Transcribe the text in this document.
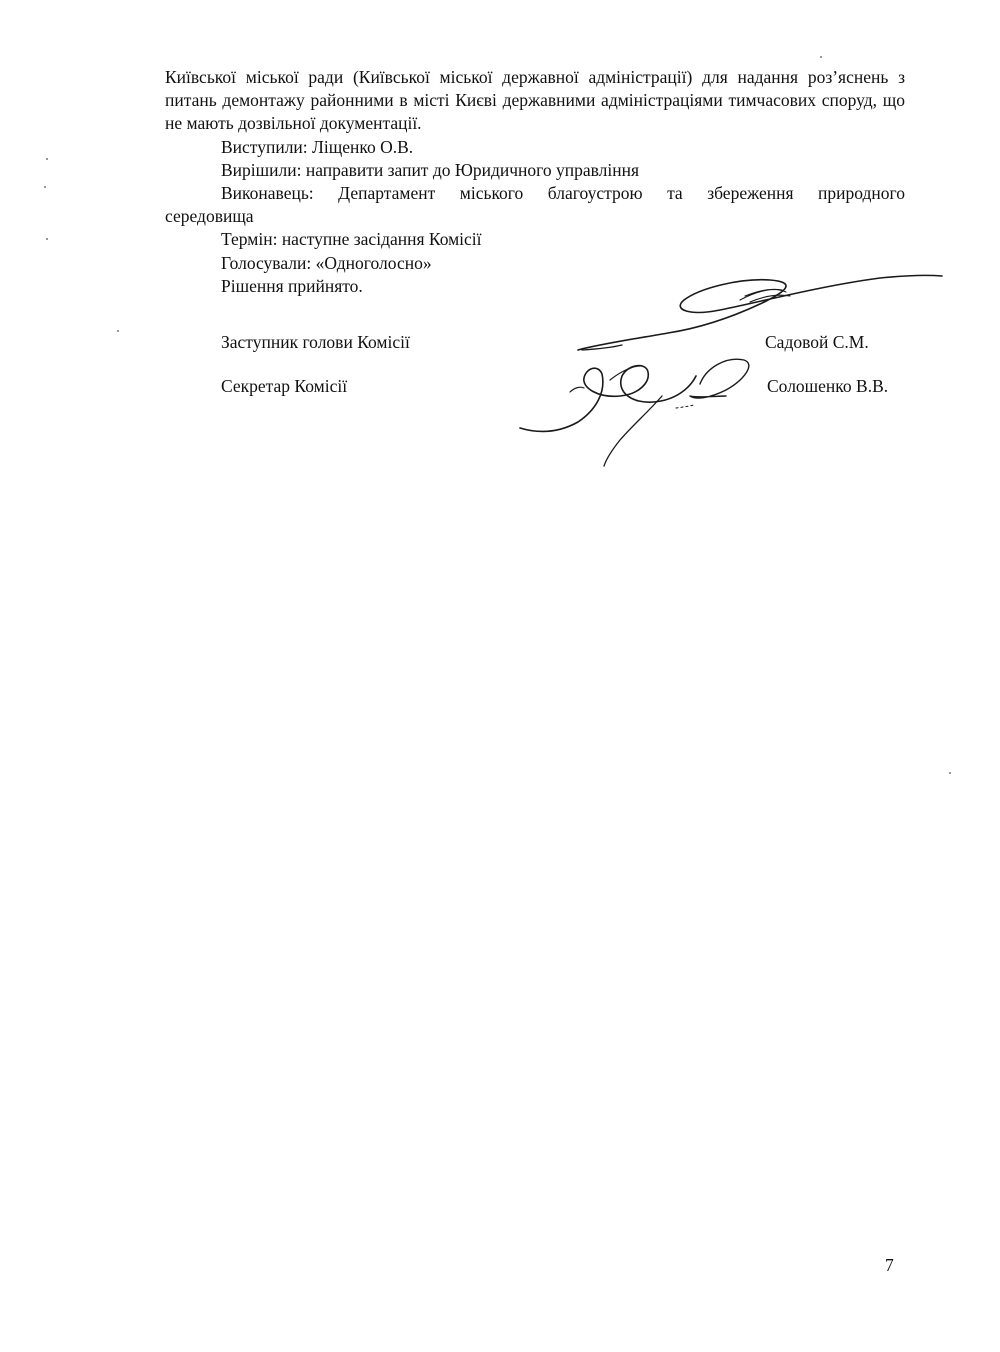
Київської міської ради (Київської міської державної адміністрації) для надання роз’яснень з питань демонтажу районними в місті Києві державними адміністраціями тимчасових споруд, що не мають дозвільної документації.

Виступили: Ліщенко О.В.

Вирішили: направити запит до Юридичного управління

Виконавець: Департамент міського благоустрою та збереження природного

середовища

Термін: наступне засідання Комісії

Голосували: «Одноголосно»

Рішення прийнято.

Заступник голови Комісії	Садовой С.М.
Секретар Комісії	Солошенко В.В.
7
